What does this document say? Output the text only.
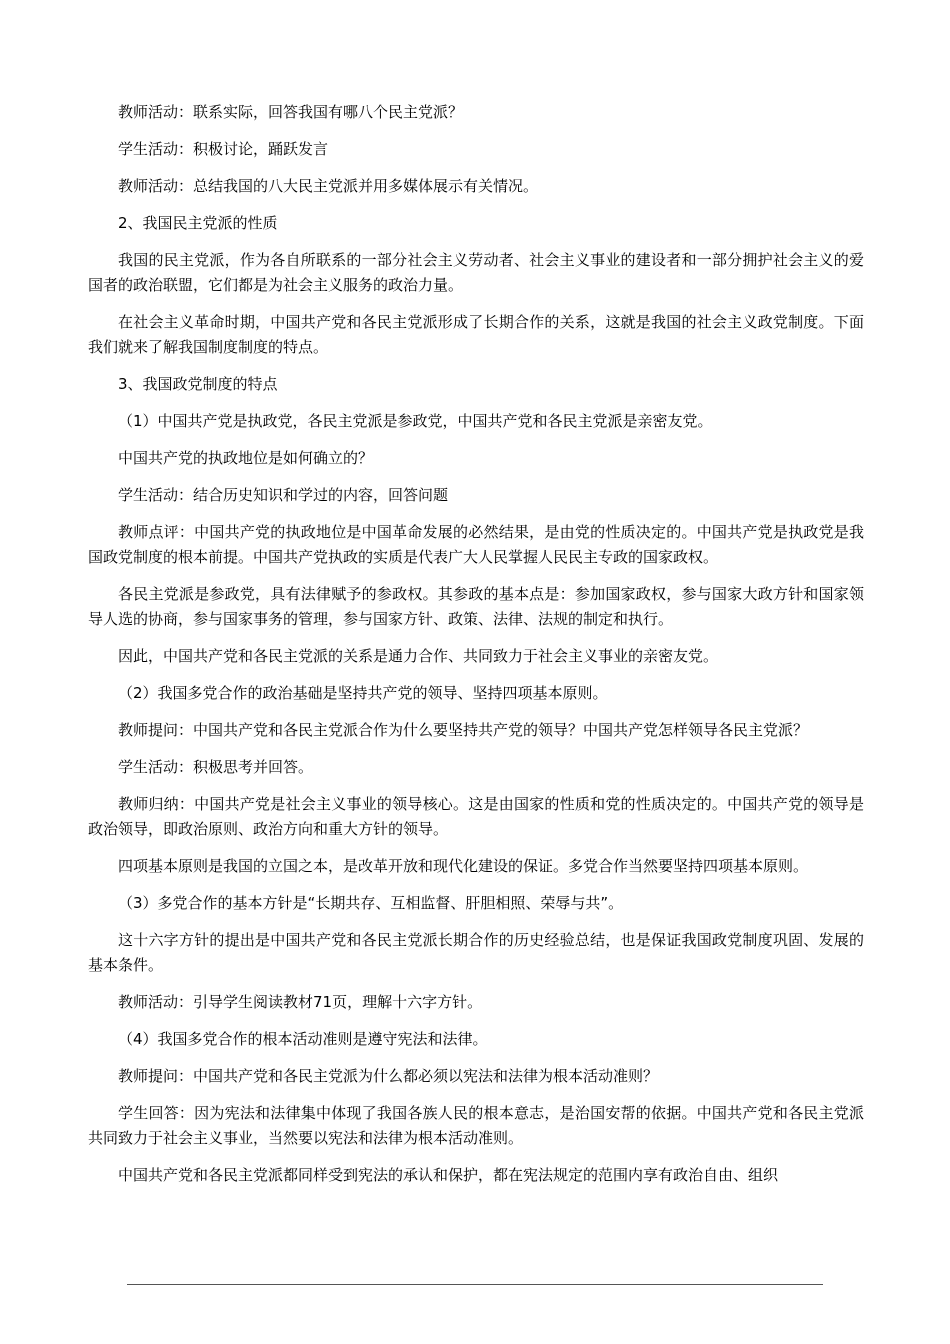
教师活动：联系实际，回答我国有哪八个民主党派？

学生活动：积极讨论，踊跃发言

教师活动：总结我国的八大民主党派并用多媒体展示有关情况。

2、我国民主党派的性质

我国的民主党派，作为各自所联系的一部分社会主义劳动者、社会主义事业的建设者和一部分拥护社会主义的爱国者的政治联盟，它们都是为社会主义服务的政治力量。

在社会主义革命时期，中国共产党和各民主党派形成了长期合作的关系，这就是我国的社会主义政党制度。下面我们就来了解我国制度制度的特点。

3、我国政党制度的特点

（1）中国共产党是执政党，各民主党派是参政党，中国共产党和各民主党派是亲密友党。

中国共产党的执政地位是如何确立的？

学生活动：结合历史知识和学过的内容，回答问题

教师点评：中国共产党的执政地位是中国革命发展的必然结果，是由党的性质决定的。中国共产党是执政党是我国政党制度的根本前提。中国共产党执政的实质是代表广大人民掌握人民民主专政的国家政权。

各民主党派是参政党，具有法律赋予的参政权。其参政的基本点是：参加国家政权，参与国家大政方针和国家领导人选的协商，参与国家事务的管理，参与国家方针、政策、法律、法规的制定和执行。

因此，中国共产党和各民主党派的关系是通力合作、共同致力于社会主义事业的亲密友党。

（2）我国多党合作的政治基础是坚持共产党的领导、坚持四项基本原则。

教师提问：中国共产党和各民主党派合作为什么要坚持共产党的领导？中国共产党怎样领导各民主党派？

学生活动：积极思考并回答。

教师归纳：中国共产党是社会主义事业的领导核心。这是由国家的性质和党的性质决定的。中国共产党的领导是政治领导，即政治原则、政治方向和重大方针的领导。

四项基本原则是我国的立国之本，是改革开放和现代化建设的保证。多党合作当然要坚持四项基本原则。

（3）多党合作的基本方针是“长期共存、互相监督、肝胆相照、荣辱与共”。

这十六字方针的提出是中国共产党和各民主党派长期合作的历史经验总结，也是保证我国政党制度巩固、发展的基本条件。

教师活动：引导学生阅读教材71页，理解十六字方针。

（4）我国多党合作的根本活动准则是遵守宪法和法律。

教师提问：中国共产党和各民主党派为什么都必须以宪法和法律为根本活动准则？

学生回答：因为宪法和法律集中体现了我国各族人民的根本意志，是治国安帮的依据。中国共产党和各民主党派共同致力于社会主义事业，当然要以宪法和法律为根本活动准则。

中国共产党和各民主党派都同样受到宪法的承认和保护，都在宪法规定的范围内享有政治自由、组织
